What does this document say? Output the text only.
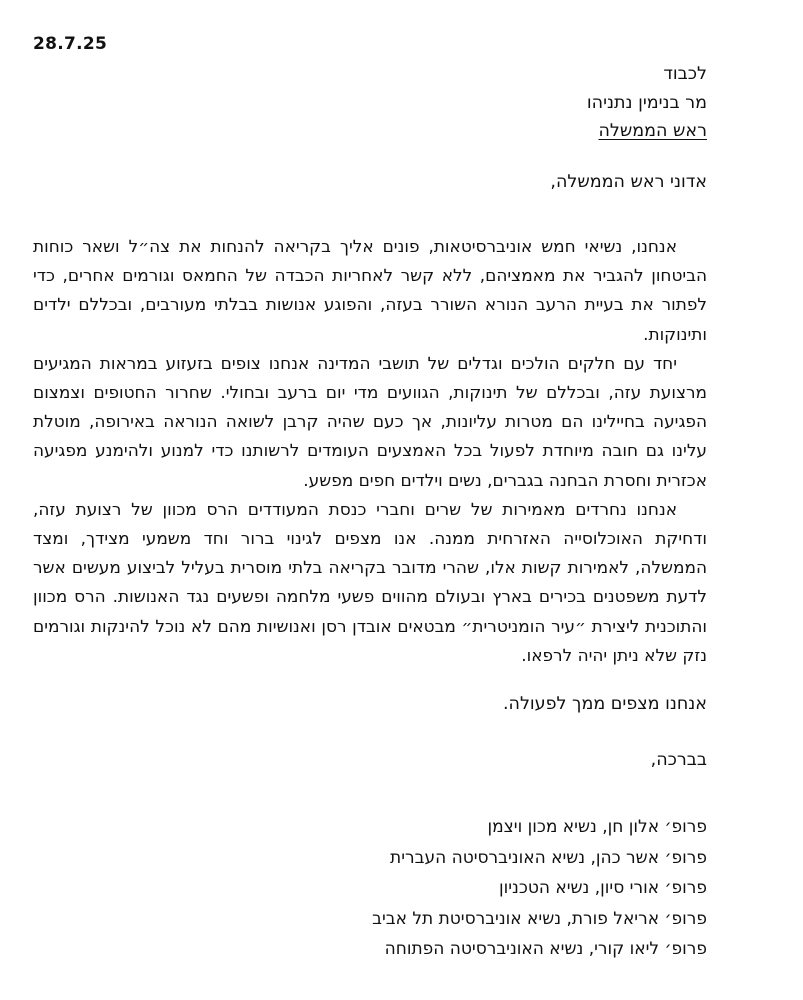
28.7.25
לכבוד
מר בנימין נתניהו
ראש הממשלה
אדוני ראש הממשלה,

אנחנו, נשיאי חמש אוניברסיטאות, פונים אליך בקריאה להנחות את צה״ל ושאר כוחות הביטחון להגביר את מאמציהם, ללא קשר לאחריות הכבדה של החמאס וגורמים אחרים, כדי לפתור את בעיית הרעב הנורא השורר בעזה, והפוגע אנושות בבלתי מעורבים, ובכללם ילדים ותינוקות.

יחד עם חלקים הולכים וגדלים של תושבי המדינה אנחנו צופים בזעזוע במראות המגיעים מרצועת עזה, ובכללם של תינוקות, הגוועים מדי יום ברעב ובחולי. שחרור החטופים וצמצום הפגיעה בחיילינו הם מטרות עליונות, אך כעם שהיה קרבן לשואה הנוראה באירופה, מוטלת עלינו גם חובה מיוחדת לפעול בכל האמצעים העומדים לרשותנו כדי למנוע ולהימנע מפגיעה אכזרית וחסרת הבחנה בגברים, נשים וילדים חפים מפשע.

אנחנו נחרדים מאמירות של שרים וחברי כנסת המעודדים הרס מכוון של רצועת עזה, ודחיקת האוכלוסייה האזרחית ממנה. אנו מצפים לגינוי ברור וחד משמעי מצידך, ומצד הממשלה, לאמירות קשות אלו, שהרי מדובר בקריאה בלתי מוסרית בעליל לביצוע מעשים אשר לדעת משפטנים בכירים בארץ ובעולם מהווים פשעי מלחמה ופשעים נגד האנושות. הרס מכוון והתוכנית ליצירת ״עיר הומניטרית״ מבטאים אובדן רסן ואנושיות מהם לא נוכל להינקות וגורמים נזק שלא ניתן יהיה לרפאו.

אנחנו מצפים ממך לפעולה.
בברכה,
פרופ׳ אלון חן, נשיא מכון ויצמן
פרופ׳ אשר כהן, נשיא האוניברסיטה העברית
פרופ׳ אורי סיון, נשיא הטכניון
פרופ׳ אריאל פורת, נשיא אוניברסיטת תל אביב
פרופ׳ ליאו קורי, נשיא האוניברסיטה הפתוחה
